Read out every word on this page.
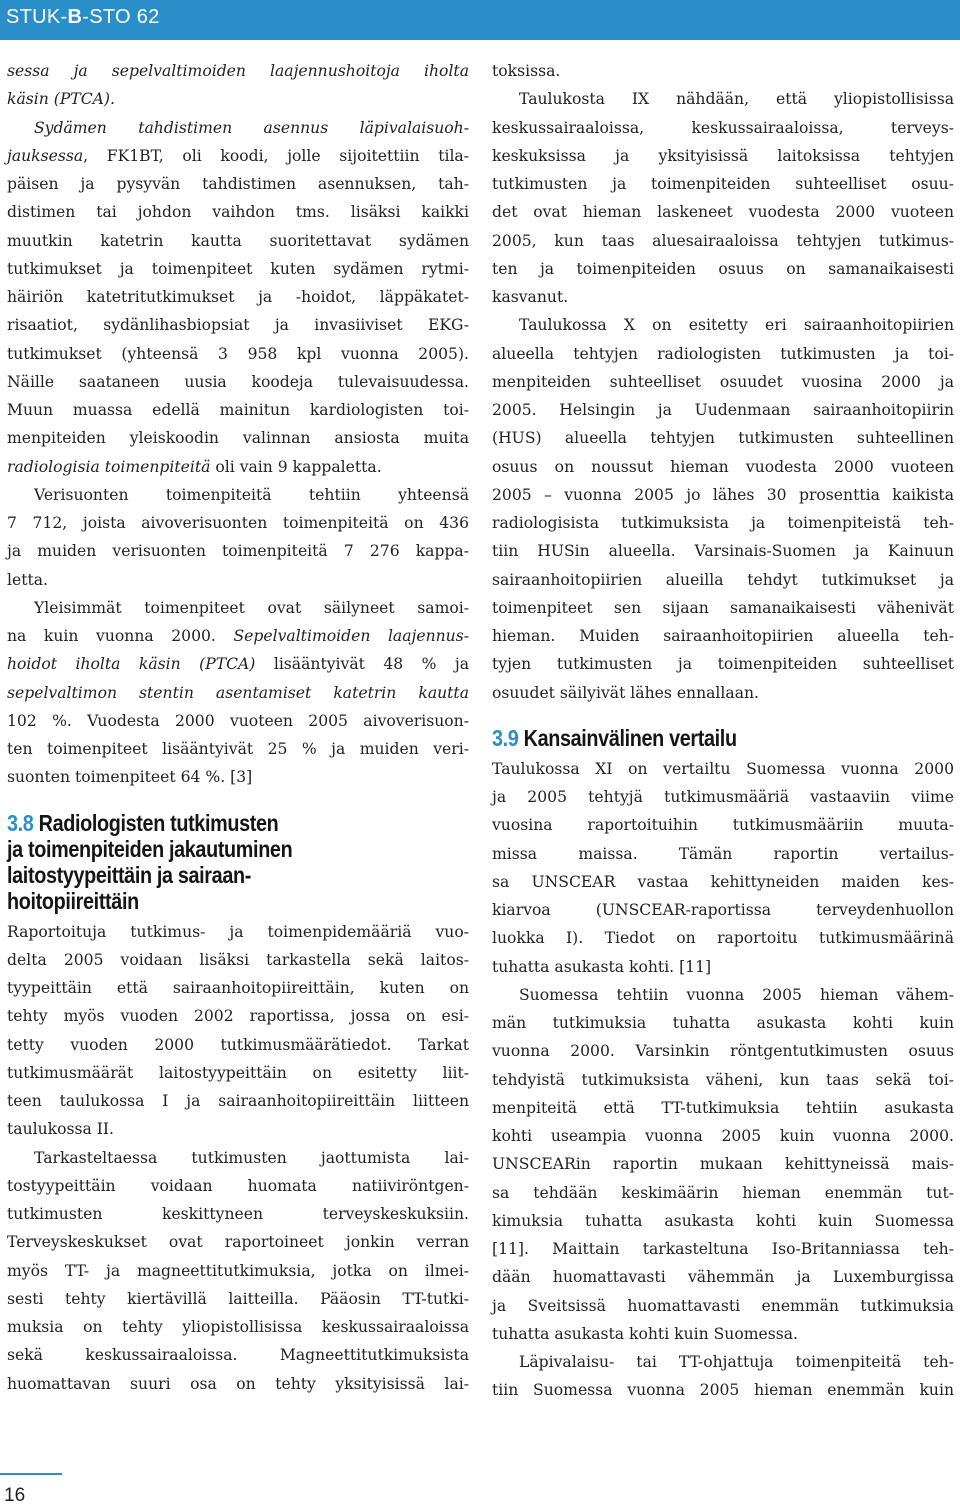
STUK-B-STO 62

sessa ja sepelvaltimoiden laajennushoitoja iholta
käsin (PTCA).

Sydämen tahdistimen asennus läpivalaisuoh-
jauksessa, FK1BT, oli koodi, jolle sijoitettiin tila-
päisen ja pysyvän tahdistimen asennuksen, tah-
distimen tai johdon vaihdon tms. lisäksi kaikki
muutkin katetrin kautta suoritettavat sydämen
tutkimukset ja toimenpiteet kuten sydämen rytmi-
häiriön katetritutkimukset ja -hoidot, läppäkatet-
risaatiot, sydänlihasbiopsiat ja invasiiviset EKG-
tutkimukset (yhteensä 3 958 kpl vuonna 2005).
Näille saataneen uusia koodeja tulevaisuudessa.
Muun muassa edellä mainitun kardiologisten toi-
menpiteiden yleiskoodin valinnan ansiosta muita
radiologisia toimenpiteitä oli vain 9 kappaletta.

Verisuonten toimenpiteitä tehtiin yhteensä
7 712, joista aivoverisuonten toimenpiteitä on 436
ja muiden verisuonten toimenpiteitä 7 276 kappa-
letta.

Yleisimmät toimenpiteet ovat säilyneet samoi-
na kuin vuonna 2000. Sepelvaltimoiden laajennus-
hoidot iholta käsin (PTCA) lisääntyivät 48 % ja
sepelvaltimon stentin asentamiset katetrin kautta
102 %. Vuodesta 2000 vuoteen 2005 aivoverisuon-
ten toimenpiteet lisääntyivät 25 % ja muiden veri-
suonten toimenpiteet 64 %. [3]

3.8 Radiologisten tutkimusten
ja toimenpiteiden jakautuminen
laitostyypeittäin ja sairaan-
hoitopiireittäin

Raportoituja tutkimus- ja toimenpidemääriä vuo-
delta 2005 voidaan lisäksi tarkastella sekä laitos-
tyypeittäin että sairaanhoitopiireittäin, kuten on
tehty myös vuoden 2002 raportissa, jossa on esi-
tetty vuoden 2000 tutkimusmäärätiedot. Tarkat
tutkimusmäärät laitostyypeittäin on esitetty liit-
teen taulukossa I ja sairaanhoitopiireittäin liitteen
taulukossa II.

Tarkasteltaessa tutkimusten jaottumista lai-
tostyypeittäin voidaan huomata natiiviröntgen-
tutkimusten keskittyneen terveyskeskuksiin.
Terveyskeskukset ovat raportoineet jonkin verran
myös TT- ja magneettitutkimuksia, jotka on ilmei-
sesti tehty kiertävillä laitteilla. Pääosin TT-tutki-
muksia on tehty yliopistollisissa keskussairaaloissa
sekä keskussairaaloissa. Magneettitutkimuksista
huomattavan suuri osa on tehty yksityisissä lai-

toksissa.

Taulukosta IX nähdään, että yliopistollisissa
keskussairaaloissa, keskussairaaloissa, terveys-
keskuksissa ja yksityisissä laitoksissa tehtyjen
tutkimusten ja toimenpiteiden suhteelliset osuu-
det ovat hieman laskeneet vuodesta 2000 vuoteen
2005, kun taas aluesairaaloissa tehtyjen tutkimus-
ten ja toimenpiteiden osuus on samanaikaisesti
kasvanut.

Taulukossa X on esitetty eri sairaanhoitopiirien
alueella tehtyjen radiologisten tutkimusten ja toi-
menpiteiden suhteelliset osuudet vuosina 2000 ja
2005. Helsingin ja Uudenmaan sairaanhoitopiirin
(HUS) alueella tehtyjen tutkimusten suhteellinen
osuus on noussut hieman vuodesta 2000 vuoteen
2005 – vuonna 2005 jo lähes 30 prosenttia kaikista
radiologisista tutkimuksista ja toimenpiteistä teh-
tiin HUSin alueella. Varsinais-Suomen ja Kainuun
sairaanhoitopiirien alueilla tehdyt tutkimukset ja
toimenpiteet sen sijaan samanaikaisesti vähenivät
hieman. Muiden sairaanhoitopiirien alueella teh-
tyjen tutkimusten ja toimenpiteiden suhteelliset
osuudet säilyivät lähes ennallaan.

3.9 Kansainvälinen vertailu

Taulukossa XI on vertailtu Suomessa vuonna 2000
ja 2005 tehtyjä tutkimusmääriä vastaaviin viime
vuosina raportoituihin tutkimusmääriin muuta-
missa maissa. Tämän raportin vertailus-
sa UNSCEAR vastaa kehittyneiden maiden kes-
kiarvoa (UNSCEAR-raportissa terveydenhuollon
luokka I). Tiedot on raportoitu tutkimusmäärinä
tuhatta asukasta kohti. [11]

Suomessa tehtiin vuonna 2005 hieman vähem-
män tutkimuksia tuhatta asukasta kohti kuin
vuonna 2000. Varsinkin röntgentutkimusten osuus
tehdyistä tutkimuksista väheni, kun taas sekä toi-
menpiteitä että TT-tutkimuksia tehtiin asukasta
kohti useampia vuonna 2005 kuin vuonna 2000.
UNSCEARin raportin mukaan kehittyneissä mais-
sa tehdään keskimäärin hieman enemmän tut-
kimuksia tuhatta asukasta kohti kuin Suomessa
[11]. Maittain tarkasteltuna Iso-Britanniassa teh-
dään huomattavasti vähemmän ja Luxemburgissa
ja Sveitsissä huomattavasti enemmän tutkimuksia
tuhatta asukasta kohti kuin Suomessa.

Läpivalaisu- tai TT-ohjattuja toimenpiteitä teh-
tiin Suomessa vuonna 2005 hieman enemmän kuin

16
